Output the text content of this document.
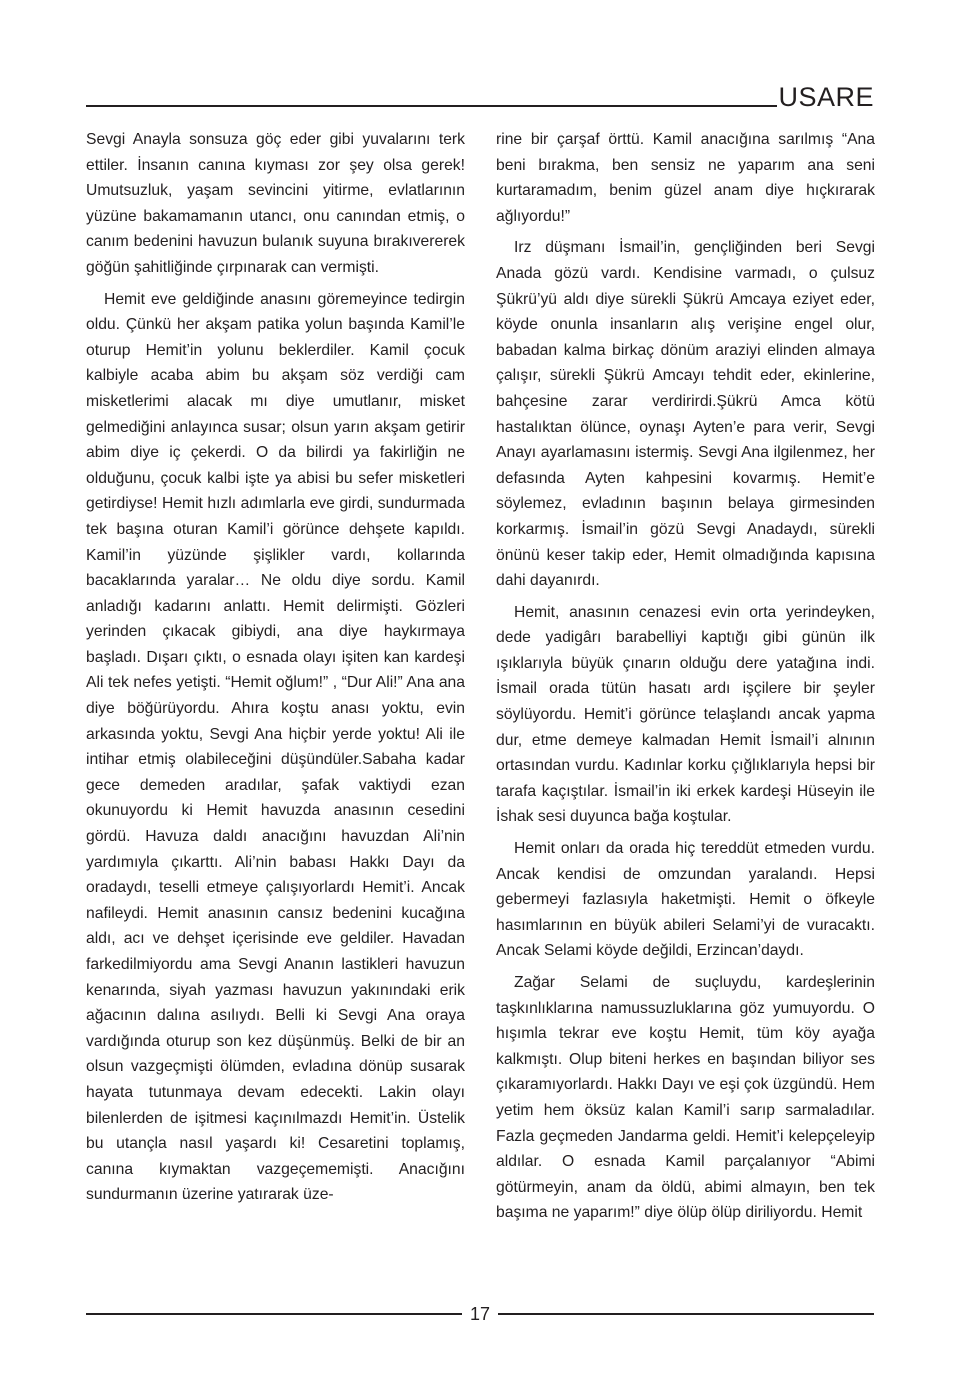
USARE

Sevgi Anayla sonsuza göç eder gibi yuvalarını terk ettiler. İnsanın canına kıyması zor şey olsa gerek! Umutsuzluk, yaşam sevincini yitirme, evlatlarının yüzüne bakamamanın utancı, onu canından etmiş, o canım bedenini havuzun bulanık suyuna bırakıvererek göğün şahitliğinde çırpınarak can vermişti.

Hemit eve geldiğinde anasını göremeyince tedirgin oldu. Çünkü her akşam patika yolun başında Kamil’le oturup Hemit’in yolunu beklerdiler. Kamil çocuk kalbiyle acaba abim bu akşam söz verdiği cam misketlerimi alacak mı diye umutlanır, misket gelmediğini anlayınca susar; olsun yarın akşam getirir abim diye iç çekerdi. O da bilirdi ya fakirliğin ne olduğunu, çocuk kalbi işte ya abisi bu sefer misketleri getirdiyse! Hemit hızlı adımlarla eve girdi, sundurmada tek başına oturan Kamil’i görünce dehşete kapıldı. Kamil’in yüzünde şişlikler vardı, kollarında bacaklarında yaralar… Ne oldu diye sordu. Kamil anladığı kadarını anlattı. Hemit delirmişti. Gözleri yerinden çıkacak gibiydi, ana diye haykırmaya başladı. Dışarı çıktı, o esnada olayı işiten kan kardeşi Ali tek nefes yetişti. “Hemit oğlum!” , “Dur Ali!” Ana ana diye böğürüyordu. Ahıra koştu anası yoktu, evin arkasında yoktu, Sevgi Ana hiçbir yerde yoktu! Ali ile intihar etmiş olabileceğini düşündüler.Sabaha kadar gece demeden aradılar, şafak vaktiydi ezan okunuyordu ki Hemit havuzda anasının cesedini gördü. Havuza daldı anacığını havuzdan Ali’nin yardımıyla çıkarttı. Ali’nin babası Hakkı Dayı da oradaydı, teselli etmeye çalışıyorlardı Hemit’i. Ancak nafileydi. Hemit anasının cansız bedenini kucağına aldı, acı ve dehşet içerisinde eve geldiler. Havadan farkedilmiyordu ama Sevgi Ananın lastikleri havuzun kenarında, siyah yazması havuzun yakınındaki erik ağacının dalına asılıydı. Belli ki Sevgi Ana oraya vardığında oturup son kez düşünmüş. Belki de bir an olsun vazgeçmişti ölümden, evladına dönüp susarak hayata tutunmaya devam edecekti. Lakin olayı bilenlerden de işitmesi kaçınılmazdı Hemit’in. Üstelik bu utançla nasıl yaşardı ki! Cesaretini toplamış, canına kıymaktan vazgeçememişti. Anacığını sundurmanın üzerine yatırarak üze-

rine bir çarşaf örttü. Kamil anacığına sarılmış “Ana beni bırakma, ben sensiz ne yaparım ana seni kurtaramadım, benim güzel anam diye hıçkırarak ağlıyordu!”

Irz düşmanı İsmail’in, gençliğinden beri Sevgi Anada gözü vardı. Kendisine varmadı, o çulsuz Şükrü’yü aldı diye sürekli Şükrü Amcaya eziyet eder, köyde onunla insanların alış verişine engel olur, babadan kalma birkaç dönüm araziyi elinden almaya çalışır, sürekli Şükrü Amcayı tehdit eder, ekinlerine, bahçesine zarar verdirirdi.Şükrü Amca kötü hastalıktan ölünce, oynaşı Ayten’e para verir, Sevgi Anayı ayarlamasını istermiş. Sevgi Ana ilgilenmez, her defasında Ayten kahpesini kovarmış. Hemit’e söylemez, evladının başının belaya girmesinden korkarmış. İsmail’in gözü Sevgi Anadaydı, sürekli önünü keser takip eder, Hemit olmadığında kapısına dahi dayanırdı.

Hemit, anasının cenazesi evin orta yerindeyken, dede yadigârı barabelliyi kaptığı gibi günün ilk ışıklarıyla büyük çınarın olduğu dere yatağına indi. İsmail orada tütün hasatı ardı işçilere bir şeyler söylüyordu. Hemit’i görünce telaşlandı ancak yapma dur, etme demeye kalmadan Hemit İsmail’i alnının ortasından vurdu. Kadınlar korku çığlıklarıyla hepsi bir tarafa kaçıştılar. İsmail’in iki erkek kardeşi Hüseyin ile İshak sesi duyunca bağa koştular.

Hemit onları da orada hiç tereddüt etmeden vurdu. Ancak kendisi de omzundan yaralandı. Hepsi gebermeyi fazlasıyla haketmişti. Hemit o öfkeyle hasımlarının en büyük abileri Selami’yi de vuracaktı. Ancak Selami köyde değildi, Erzincan’daydı.

Zağar Selami de suçluydu, kardeşlerinin taşkınlıklarına namussuzluklarına göz yumuyordu. O hışımla tekrar eve koştu Hemit, tüm köy ayağa kalkmıştı. Olup biteni herkes en başından biliyor ses çıkaramıyorlardı. Hakkı Dayı ve eşi çok üzgündü. Hem yetim hem öksüz kalan Kamil’i sarıp sarmaladılar. Fazla geçmeden Jandarma geldi. Hemit’i kelepçeleyip aldılar. O esnada Kamil parçalanıyor “Abimi götürmeyin, anam da öldü, abimi almayın, ben tek başıma ne yaparım!” diye ölüp ölüp diriliyordu. Hemit

17
